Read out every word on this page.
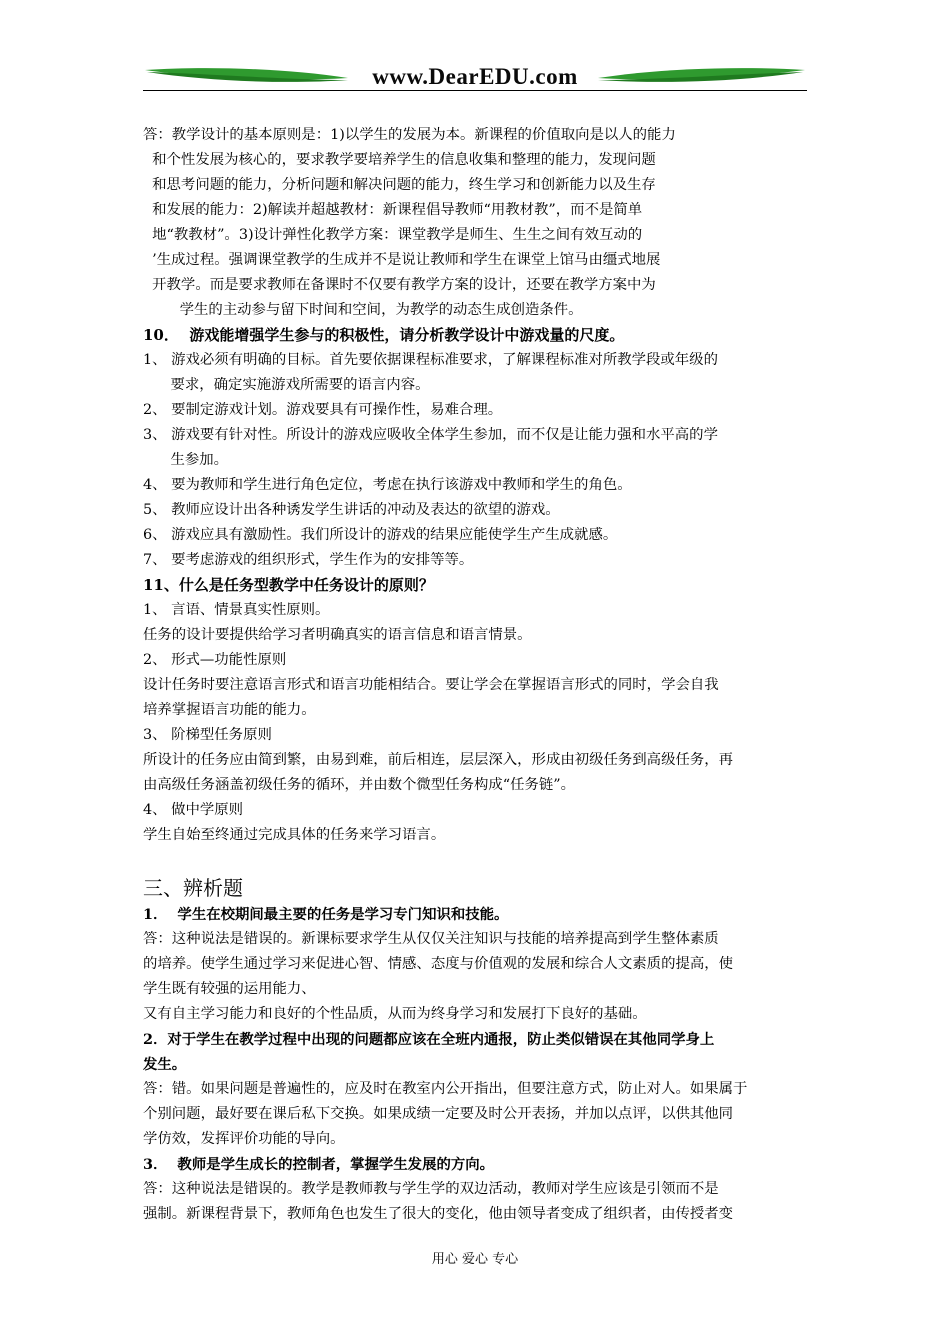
www.DearEDU.com
答：教学设计的基本原则是：1)以学生的发展为本。新课程的价值取向是以人的能力
和个性发展为核心的，要求教学要培养学生的信息收集和整理的能力，发现问题
和思考问题的能力，分析问题和解决问题的能力，终生学习和创新能力以及生存
和发展的能力：2)解读并超越教材：新课程倡导教师“用教材教”，而不是简单
地“教教材”。3)设计弹性化教学方案：课堂教学是师生、生生之间有效互动的
’生成过程。强调课堂教学的生成并不是说让教师和学生在课堂上馆马由缰式地展
开教学。而是要求教师在备课时不仅要有教学方案的设计，还要在教学方案中为
学生的主动参与留下时间和空间，为教学的动态生成创造条件。
10．  游戏能增强学生参与的积极性，请分析教学设计中游戏量的尺度。
1、 游戏必须有明确的目标。首先要依据课程标准要求，了解课程标准对所教学段或年级的
要求，确定实施游戏所需要的语言内容。
2、 要制定游戏计划。游戏要具有可操作性，易难合理。
3、 游戏要有针对性。所设计的游戏应吸收全体学生参加，而不仅是让能力强和水平高的学
生参加。
4、 要为教师和学生进行角色定位，考虑在执行该游戏中教师和学生的角色。
5、 教师应设计出各种诱发学生讲话的冲动及表达的欲望的游戏。
6、 游戏应具有激励性。我们所设计的游戏的结果应能使学生产生成就感。
7、 要考虑游戏的组织形式，学生作为的安排等等。
11、什么是任务型教学中任务设计的原则？
1、 言语、情景真实性原则。
任务的设计要提供给学习者明确真实的语言信息和语言情景。
2、 形式—功能性原则
设计任务时要注意语言形式和语言功能相结合。要让学会在掌握语言形式的同时，学会自我
培养掌握语言功能的能力。
3、 阶梯型任务原则
所设计的任务应由简到繁，由易到难，前后相连，层层深入，形成由初级任务到高级任务，再
由高级任务涵盖初级任务的循环，并由数个微型任务构成“任务链”。
4、 做中学原则
学生自始至终通过完成具体的任务来学习语言。
三、辨析题
1．  学生在校期间最主要的任务是学习专门知识和技能。
答：这种说法是错误的。新课标要求学生从仅仅关注知识与技能的培养提高到学生整体素质
的培养。使学生通过学习来促进心智、情感、态度与价值观的发展和综合人文素质的提高，使
学生既有较强的运用能力、
又有自主学习能力和良好的个性品质，从而为终身学习和发展打下良好的基础。
2．对于学生在教学过程中出现的问题都应该在全班内通报，防止类似错误在其他同学身上
发生。
答：错。如果问题是普遍性的，应及时在教室内公开指出，但要注意方式，防止对人。如果属于
个别问题，最好要在课后私下交换。如果成绩一定要及时公开表扬，并加以点评，以供其他同
学仿效，发挥评价功能的导向。
3．  教师是学生成长的控制者，掌握学生发展的方向。
答：这种说法是错误的。教学是教师教与学生学的双边活动，教师对学生应该是引领而不是
强制。新课程背景下，教师角色也发生了很大的变化，他由领导者变成了组织者，由传授者变
用心 爱心 专心
